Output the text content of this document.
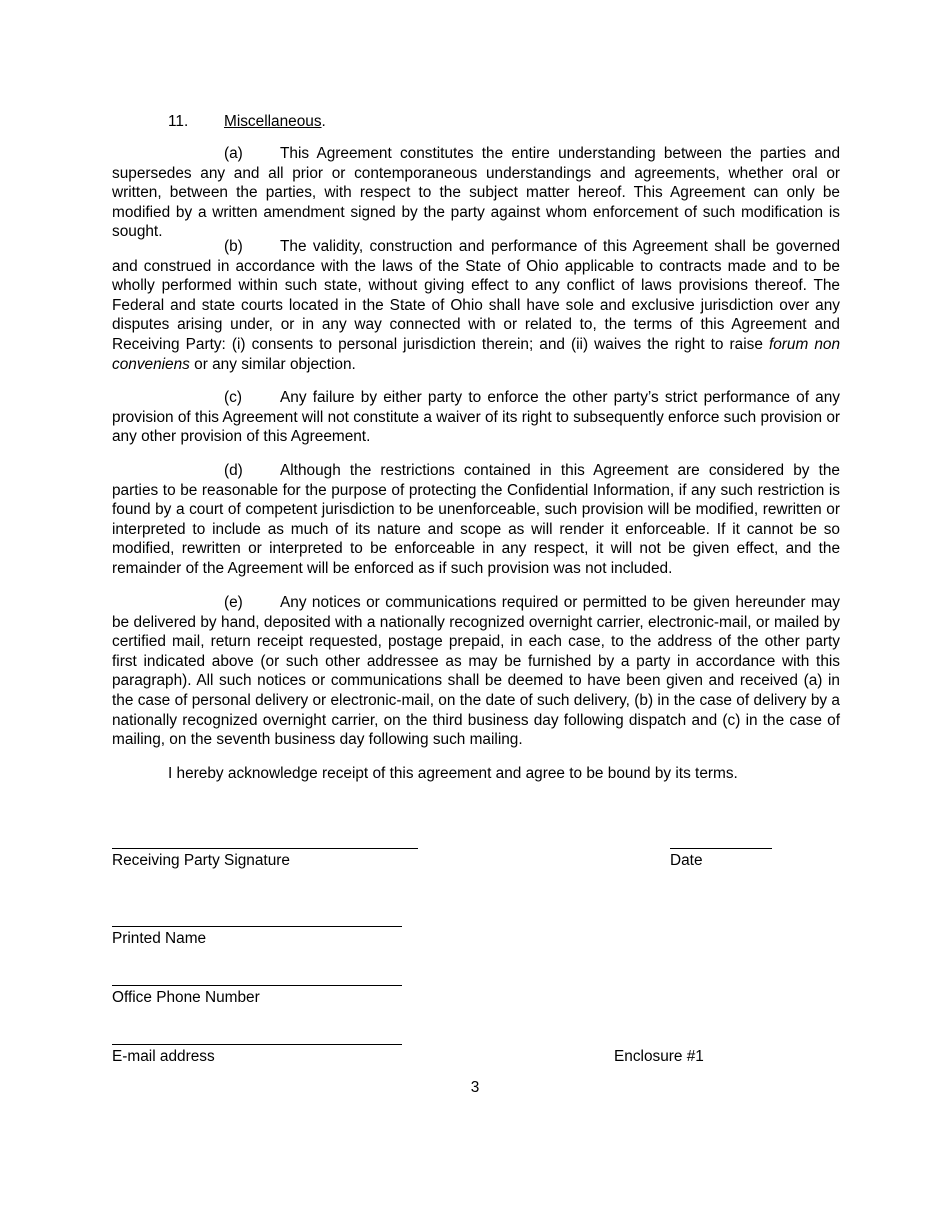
11. Miscellaneous.

(a) This Agreement constitutes the entire understanding between the parties and supersedes any and all prior or contemporaneous understandings and agreements, whether oral or written, between the parties, with respect to the subject matter hereof. This Agreement can only be modified by a written amendment signed by the party against whom enforcement of such modification is sought.

(b) The validity, construction and performance of this Agreement shall be governed and construed in accordance with the laws of the State of Ohio applicable to contracts made and to be wholly performed within such state, without giving effect to any conflict of laws provisions thereof. The Federal and state courts located in the State of Ohio shall have sole and exclusive jurisdiction over any disputes arising under, or in any way connected with or related to, the terms of this Agreement and Receiving Party: (i) consents to personal jurisdiction therein; and (ii) waives the right to raise forum non conveniens or any similar objection.

(c) Any failure by either party to enforce the other party’s strict performance of any provision of this Agreement will not constitute a waiver of its right to subsequently enforce such provision or any other provision of this Agreement.

(d) Although the restrictions contained in this Agreement are considered by the parties to be reasonable for the purpose of protecting the Confidential Information, if any such restriction is found by a court of competent jurisdiction to be unenforceable, such provision will be modified, rewritten or interpreted to include as much of its nature and scope as will render it enforceable. If it cannot be so modified, rewritten or interpreted to be enforceable in any respect, it will not be given effect, and the remainder of the Agreement will be enforced as if such provision was not included.

(e) Any notices or communications required or permitted to be given hereunder may be delivered by hand, deposited with a nationally recognized overnight carrier, electronic-mail, or mailed by certified mail, return receipt requested, postage prepaid, in each case, to the address of the other party first indicated above (or such other addressee as may be furnished by a party in accordance with this paragraph). All such notices or communications shall be deemed to have been given and received (a) in the case of personal delivery or electronic-mail, on the date of such delivery, (b) in the case of delivery by a nationally recognized overnight carrier, on the third business day following dispatch and (c) in the case of mailing, on the seventh business day following such mailing.

I hereby acknowledge receipt of this agreement and agree to be bound by its terms.
Receiving Party Signature	Date
Printed Name
Office Phone Number
E-mail address	Enclosure #1
3
